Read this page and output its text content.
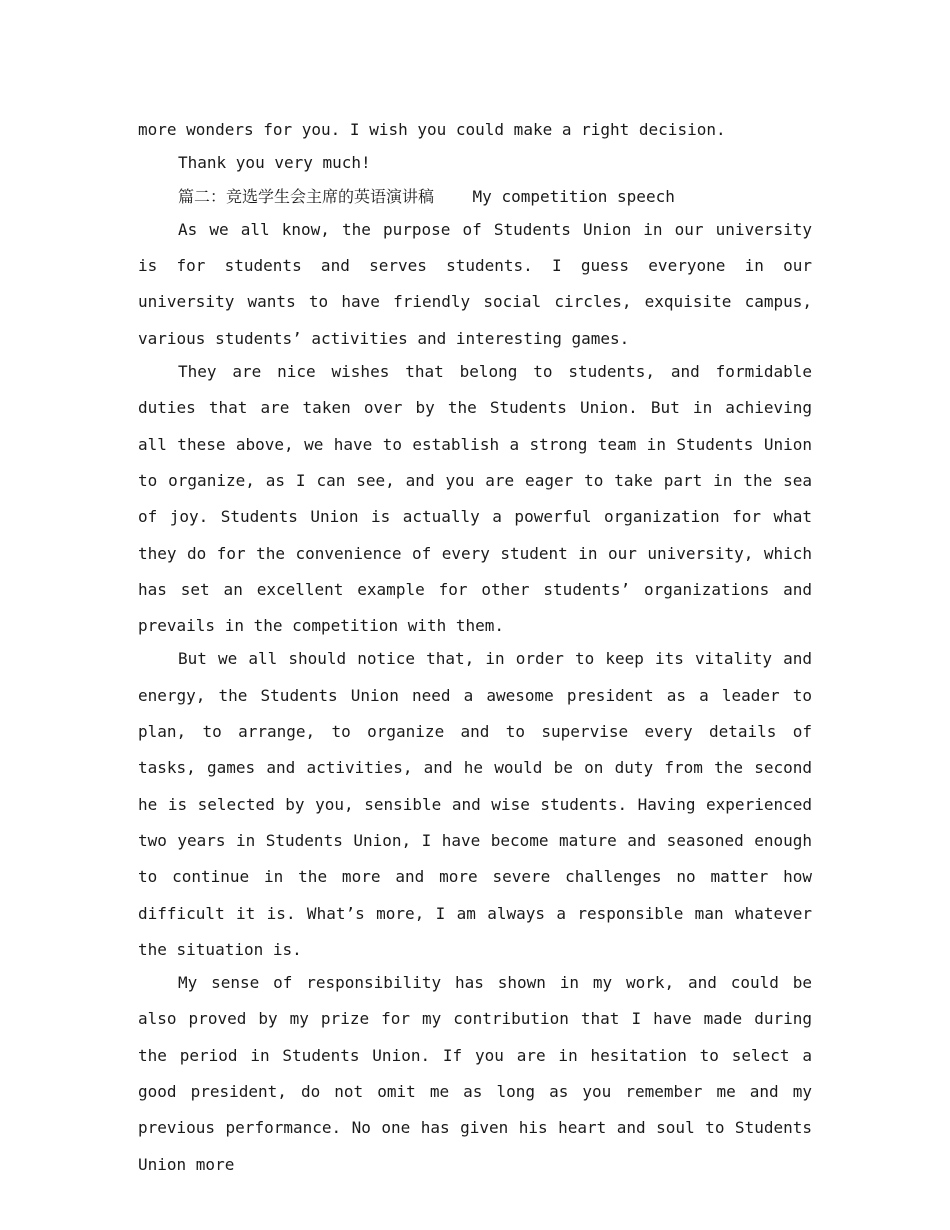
more wonders for you. I wish you could make a right decision.

Thank you very much!

篇二：竞选学生会主席的英语演讲稿 My competition speech

As we all know, the purpose of Students Union in our university is for students and serves students. I guess everyone in our university wants to have friendly social circles, exquisite campus, various students’ activities and interesting games.

They are nice wishes that belong to students, and formidable duties that are taken over by the Students Union. But in achieving all these above, we have to establish a strong team in Students Union to organize, as I can see, and you are eager to take part in the sea of joy. Students Union is actually a powerful organization for what they do for the convenience of every student in our university, which has set an excellent example for other students’ organizations and prevails in the competition with them.

But we all should notice that, in order to keep its vitality and energy, the Students Union need a awesome president as a leader to plan, to arrange, to organize and to supervise every details of tasks, games and activities, and he would be on duty from the second he is selected by you, sensible and wise students. Having experienced two years in Students Union, I have become mature and seasoned enough to continue in the more and more severe challenges no matter how difficult it is. What’s more, I am always a responsible man whatever the situation is.

My sense of responsibility has shown in my work, and could be also proved by my prize for my contribution that I have made during the period in Students Union. If you are in hesitation to select a good president, do not omit me as long as you remember me and my previous performance. No one has given his heart and soul to Students Union more
